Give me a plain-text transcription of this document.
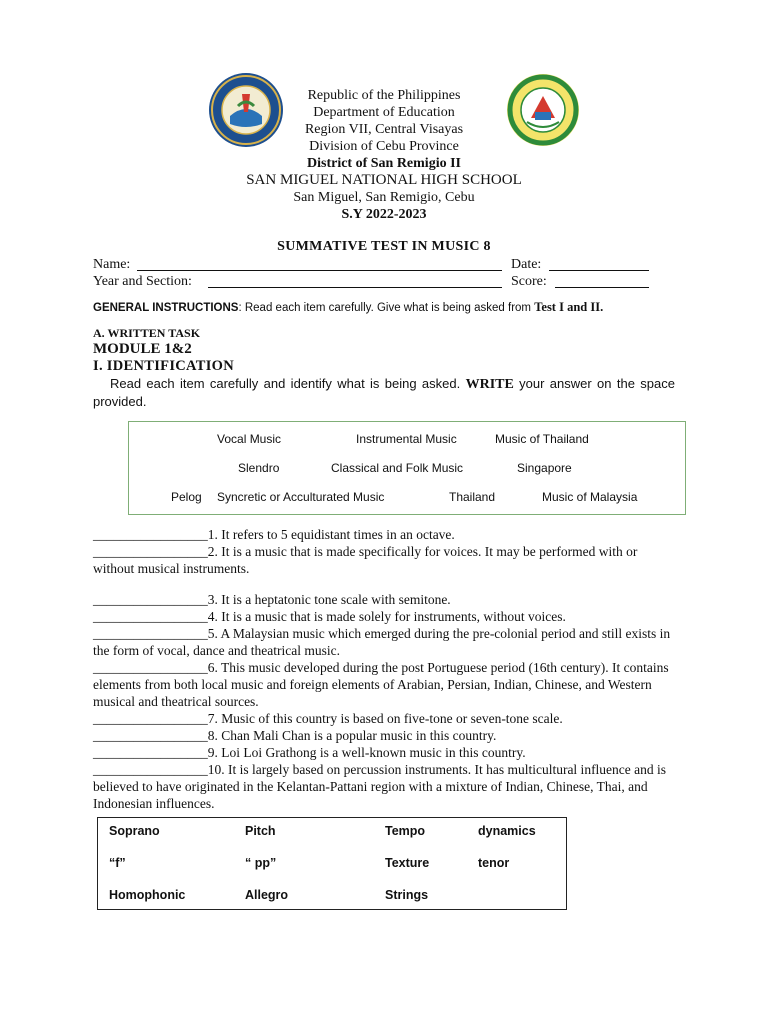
Republic of the Philippines
Department of Education
Region VII, Central Visayas
Division of Cebu Province
District of San Remigio II
SAN MIGUEL NATIONAL HIGH SCHOOL
San Miguel, San Remigio, Cebu
S.Y 2022-2023
SUMMATIVE TEST IN MUSIC 8
Name:	Date:
Year and Section:	Score:
GENERAL INSTRUCTIONS: Read each item carefully. Give what is being asked from Test I and II.
A. WRITTEN TASK
MODULE 1&2
I. IDENTIFICATION
Read each item carefully and identify what is being asked. WRITE your answer on the space provided.
Vocal Music	Instrumental Music	Music of Thailand
Slendro	Classical and Folk Music	Singapore
Pelog Syncretic or Acculturated Music	Thailand	Music of Malaysia

_________________1. It refers to 5 equidistant times in an octave.

_________________2. It is a music that is made specifically for voices. It may be performed with or without musical instruments.

_________________3. It is a heptatonic tone scale with semitone.

_________________4. It is a music that is made solely for instruments, without voices.

_________________5. A Malaysian music which emerged during the pre-colonial period and still exists in the form of vocal, dance and theatrical music.

_________________6. This music developed during the post Portuguese period (16th century). It contains elements from both local music and foreign elements of Arabian, Persian, Indian, Chinese, and Western musical and theatrical sources.

_________________7. Music of this country is based on five-tone or seven-tone scale.

_________________8. Chan Mali Chan is a popular music in this country.

_________________9. Loi Loi Grathong is a well-known music in this country.

_________________10. It is largely based on percussion instruments. It has multicultural influence and is believed to have originated in the Kelantan-Pattani region with a mixture of Indian, Chinese, Thai, and Indonesian influences.

Soprano	Pitch	Tempo	dynamics
“f”	“ pp”	Texture	tenor
Homophonic	Allegro	Strings
